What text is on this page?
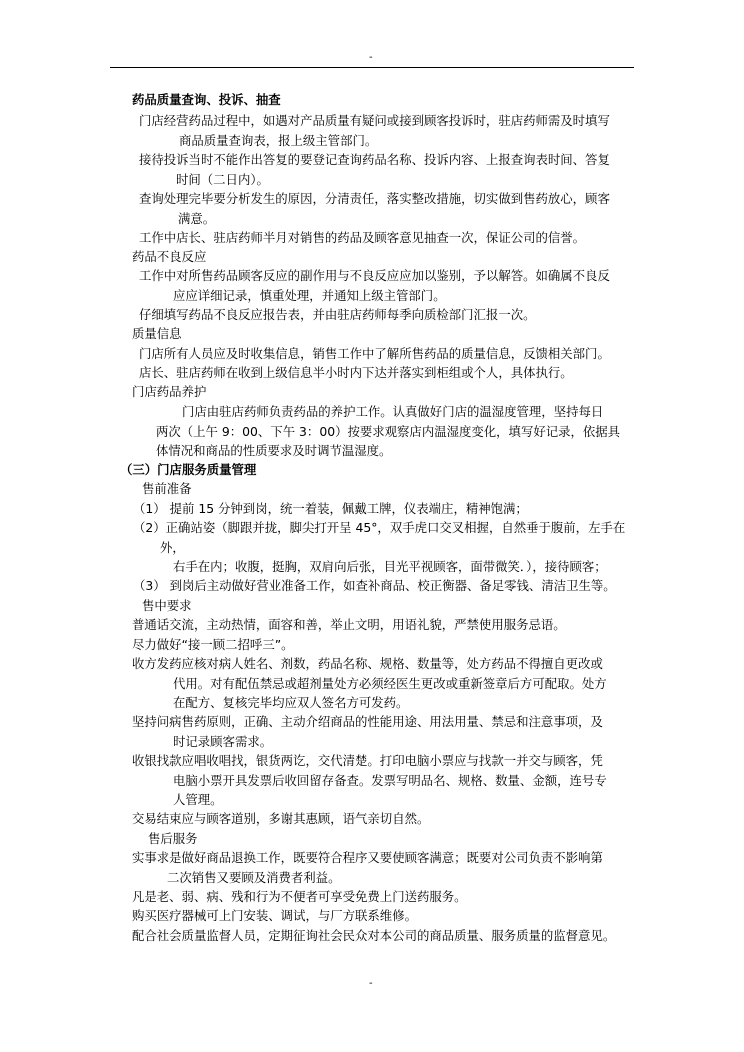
-
药品质量查询、投诉、抽查
门店经营药品过程中，如遇对产品质量有疑问或接到顾客投诉时，驻店药师需及时填写
商品质量查询表，报上级主管部门。
接待投诉当时不能作出答复的要登记查询药品名称、投诉内容、上报查询表时间、答复
时间（二日内）。
查询处理完毕要分析发生的原因，分清责任，落实整改措施，切实做到售药放心，顾客
满意。
工作中店长、驻店药师半月对销售的药品及顾客意见抽查一次，保证公司的信誉。
药品不良反应
工作中对所售药品顾客反应的副作用与不良反应应加以鉴别，予以解答。如确属不良反
应应详细记录，慎重处理，并通知上级主管部门。
仔细填写药品不良反应报告表，并由驻店药师每季向质检部门汇报一次。
质量信息
门店所有人员应及时收集信息，销售工作中了解所售药品的质量信息，反馈相关部门。
店长、驻店药师在收到上级信息半小时内下达并落实到柜组或个人，具体执行。
门店药品养护
门店由驻店药师负责药品的养护工作。认真做好门店的温湿度管理，坚持每日
两次（上午 9：00、下午 3：00）按要求观察店内温湿度变化，填写好记录，依据具
体情况和商品的性质要求及时调节温湿度。
（三）门店服务质量管理
售前准备
（1） 提前 15 分钟到岗，统一着装，佩戴工牌，仪表端庄，精神饱满；
（2）正确站姿（脚跟并拢，脚尖打开呈 45°，双手虎口交叉相握，自然垂于腹前，左手在
外，
右手在内；收腹，挺胸，双肩向后张，目光平视顾客，面带微笑．），接待顾客；
（3） 到岗后主动做好营业准备工作，如查补商品、校正衡器、备足零钱、清洁卫生等。
售中要求
普通话交流，主动热情，面容和善，举止文明，用语礼貌，严禁使用服务忌语。
尽力做好“接一顾二招呼三”。
收方发药应核对病人姓名、剂数，药品名称、规格、数量等，处方药品不得擅自更改或
代用。对有配伍禁忌或超剂量处方必须经医生更改或重新签章后方可配取。处方
在配方、复核完毕均应双人签名方可发药。
坚持问病售药原则，正确、主动介绍商品的性能用途、用法用量、禁忌和注意事项，及
时记录顾客需求。
收银找款应唱收唱找，银货两讫，交代清楚。打印电脑小票应与找款一并交与顾客，凭
电脑小票开具发票后收回留存备查。发票写明品名、规格、数量、金额，连号专
人管理。
交易结束应与顾客道别，多谢其惠顾，语气亲切自然。
售后服务
实事求是做好商品退换工作，既要符合程序又要使顾客满意；既要对公司负责不影响第
二次销售又要顾及消费者利益。
凡是老、弱、病、残和行为不便者可享受免费上门送药服务。
购买医疗器械可上门安装、调试，与厂方联系维修。
配合社会质量监督人员，定期征询社会民众对本公司的商品质量、服务质量的监督意见。
-
